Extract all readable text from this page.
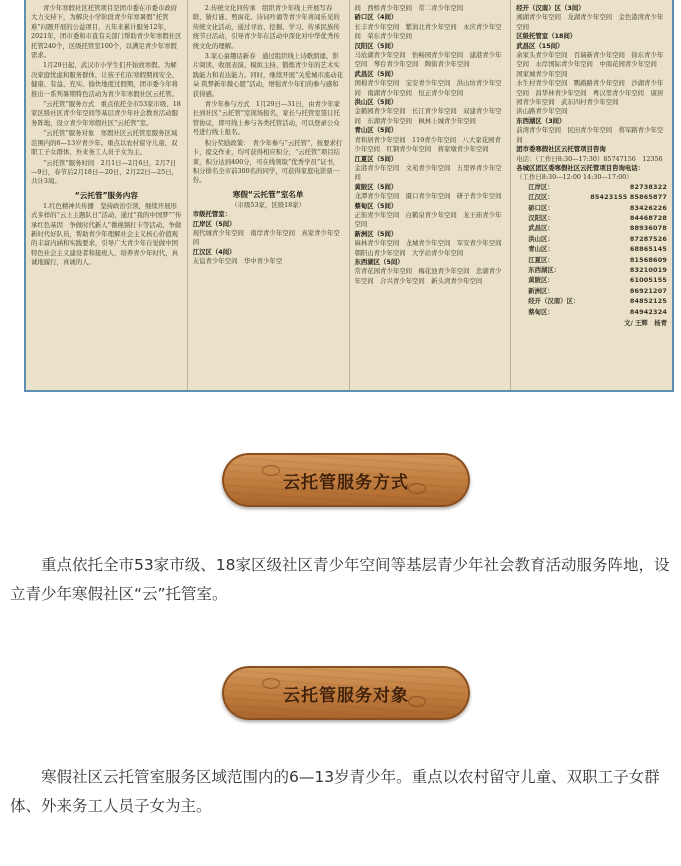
青少年寒假社区托管项目是团市委在市委市政府大力支持下，为解决小学阶段青少年寒暑假“托管难”问题开展的公益项目，五年来累计服务12年，2021年，团市委和市直有关部门帮助青少年寒假社区托管240个，区级托管室100个，以满足青少年寒假需求。

1月29日起，武汉市小学生们开始放寒假。为解决家庭忧虑和服务群体，让孩子们在寒假期间安全、健康、有益、充实、愉快地度过假期，团市委今年将推出一系列暑期特色活动为青少年寒假社区云托管。

“云托管”服务方式　重点依托全市53家市级、18家区级社区青少年空间等基层青少年社会教育活动服务阵地，设立青少年寒假社区“云托管”室。

“云托管”服务对象　寒假社区云托管室服务区域范围内的6—13岁青少年。重点以农村留守儿童、双职工子女群体、外来务工人员子女为主。

“云托管”服务时间　2月1日—2月6日，2月7日—9日，春节后2月18日—20日，2月22日—25日，共计3周。

“云托管”服务内容

1.红色精神共传播　坚持政治引领，继续开展形式多样的“云上主题队日”活动，通过“我的中国梦”“传承红色基因　争做时代新人”微视频打卡等活动，争做新时代好队员，帮助青少年理解社会主义核心价值观的丰富内涵和实践要求，引导广大青少年自觉做中国特色社会主义建设者和接班人，培养青少年时代，真诚地履行，真诚的人。

2.传统文化同传承　组织青少年线上开展写春联、猜灯谜、剪窗花、诗词吟诵等青少年喜闻乐见的传统文化活动，通过寻访、挖掘、学习、传承民族传统节日活动，引导青少年在活动中深化对中华优秀传统文化的理解。

3.家心童趣话新春　通过组织线上诗歌朗诵、影片阅读、收展表演、模拟主持、锻炼青少年的艺术实践能力和表达能力。同时，继续开展“关爱城市流动花朵 筑梦新年微心愿”活动，增强青少年们的参与感和获得感。

青少年参与方式　1月29日—31日，由青少年家长到社区“云托管”室现场报名，家长与托管室签订托管协议，即可线上参与各类托管活动，可以登录公众号进行线上报名。

积分奖励政策：　青少年参与“云托管”，按要求打卡，提交作业，均可获得相应积分，“云托管”项目结束，积分达到400分，可在线领取“优秀学员”证书，积分排名全市前300名的同学，可获得家庭电影票一份。

寒假“云托管”室名单

（市级53家，区级18家）

市级托管室：

江岸区（5间）

现代城青少年空间　南岸青少年空间　真家青少年空间

江汉区（4间）

友谊青少年空间　华中青少年空

间　西桥青少年空间　常二青少年空间

硚口区（4间）

长丰青少年空间　紫润北青少年空间　永庆青少年空间　荣东青少年空间

汉阳区（5间）

马沧湖青少年空间　怡畅园青少年空间　建港青少年空间　琴台青少年空间　陶街青少年空间

武昌区（5间）

国棉青少年空间　宝安青少年空间　洪山坊青少年空间　南湖青少年空间　恒正青少年空间

洪山区（5间）

金鹤园青少年空间　长江青少年空间　双建青少年空间　东湖青少年空间　枫林上城青少年空间

青山区（5间）

青和居青少年空间　119青少年空间　八大家花园青少年空间　红钢青少年空间　蒋家墩青少年空间

江夏区（5间）

金港青少年空间　文苑青少年空间　五里界青少年空间

黄陂区（5间）

龙潭青少年空间　滠口青少年空间　研子青少年空间

蔡甸区（5间）

正街青少年空间　白鹤泉青少年空间　龙王庙青少年空间

新洲区（5间）

麻林青少年空间　龙城青少年空间　军安青少年空间　朝阳山青少年空间　大学站青少年空间

东西湖区（5间）

常青花园青少年空间　梅花池青少年空间　忠湖青少年空间　合兴青少年空间　新头湾青少年空间

经开（汉南）区（3间）

湘湖青少年空间　龙湖青少年空间　金色港湾青少年空间

区级托管室（18间）

武昌区（15间）

余家头青少年空间　百瑞新青少年空间　徐东青少年空间　水岸国际青少年空间　中南花园青少年空间　国家城青少年空间

水生村青少年空间　鹦鹉路青少年空间　沙湖青少年空间　昌华林青少年空间　粤汉里青少年空间　康居园青少年空间　武东四村青少年空间

洪山路青少年空间

东西湖区（3间）

前湾青少年空间　民田青少年空间　将军路青少年空间

团市委寒假社区云托管项目咨询

电话：（工作日8:30—17:30）85747156　12356

各城区团区委寒假社区云托管项目咨询电话：

（工作日8:30—12:00 14:30—17:00）

江岸区：	82738322

江汉区：	85423155 85865877

硚口区：	83426226

汉阳区：	84468728

武昌区：	88936078

洪山区：	87287526

青山区：	68865145

江夏区：	81568609

东西湖区：	83210019

黄陂区：	61005155

新洲区：	86921207

经开（汉南）区：	84852125

蔡甸区：	84942324

文/ 王辉　杨青

云托管服务方式

重点依托全市53家市级、18家区级社区青少年空间等基层青少年社会教育活动服务阵地，设立青少年寒假社区“云”托管室。

云托管服务对象

寒假社区云托管室服务区域范围内的6—13岁青少年。重点以农村留守儿童、双职工子女群体、外来务工人员子女为主。
